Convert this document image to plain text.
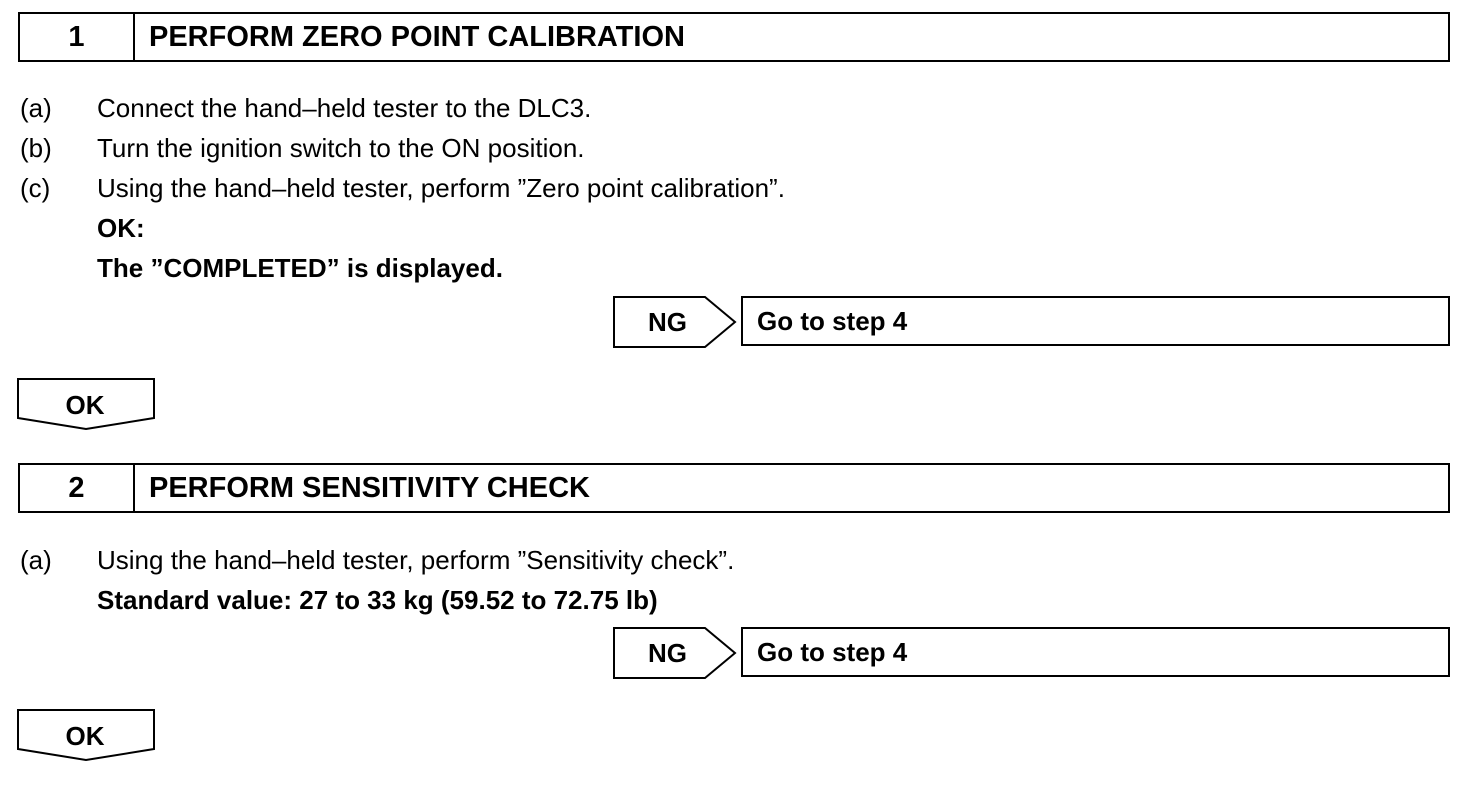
1	PERFORM ZERO POINT CALIBRATION
(a) Connect the hand–held tester to the DLC3.
(b) Turn the ignition switch to the ON position.
(c) Using the hand–held tester, perform ”Zero point calibration”.
OK:
The ”COMPLETED” is displayed.
NG	Go to step 4
OK
2	PERFORM SENSITIVITY CHECK
(a) Using the hand–held tester, perform ”Sensitivity check”.
Standard value: 27 to 33 kg (59.52 to 72.75 lb)
NG	Go to step 4
OK
